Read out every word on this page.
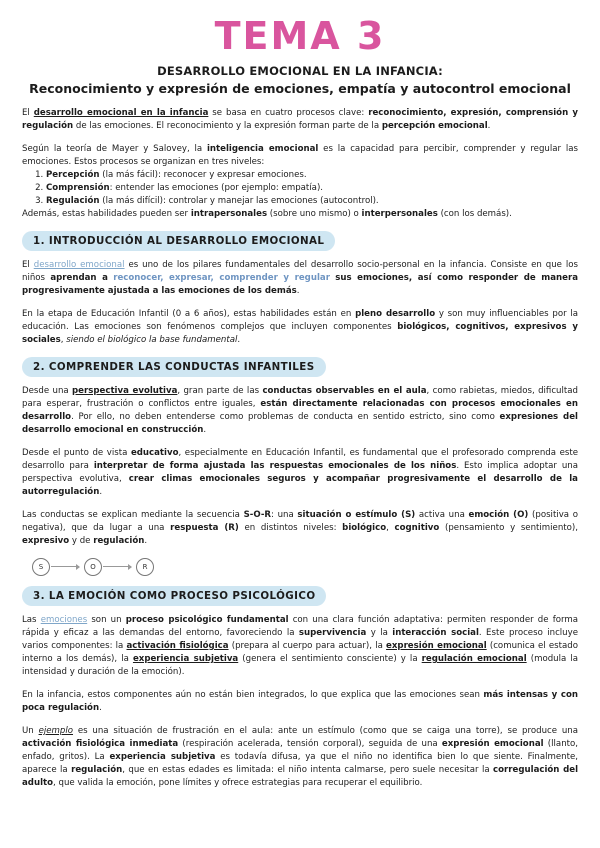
TEMA 3
DESARROLLO EMOCIONAL EN LA INFANCIA:
Reconocimiento y expresión de emociones, empatía y autocontrol emocional

El desarrollo emocional en la infancia se basa en cuatro procesos clave: reconocimiento, expresión, comprensión y regulación de las emociones. El reconocimiento y la expresión forman parte de la percepción emocional.

Según la teoría de Mayer y Salovey, la inteligencia emocional es la capacidad para percibir, comprender y regular las emociones. Estos procesos se organizan en tres niveles:

1. Percepción (la más fácil): reconocer y expresar emociones.
2. Comprensión: entender las emociones (por ejemplo: empatía).
3. Regulación (la más difícil): controlar y manejar las emociones (autocontrol).

Además, estas habilidades pueden ser intrapersonales (sobre uno mismo) o interpersonales (con los demás).

1. INTRODUCCIÓN AL DESARROLLO EMOCIONAL

El desarrollo emocional es uno de los pilares fundamentales del desarrollo socio-personal en la infancia. Consiste en que los niños aprendan a reconocer, expresar, comprender y regular sus emociones, así como responder de manera progresivamente ajustada a las emociones de los demás.

En la etapa de Educación Infantil (0 a 6 años), estas habilidades están en pleno desarrollo y son muy influenciables por la educación. Las emociones son fenómenos complejos que incluyen componentes biológicos, cognitivos, expresivos y sociales, siendo el biológico la base fundamental.

2. COMPRENDER LAS CONDUCTAS INFANTILES

Desde una perspectiva evolutiva, gran parte de las conductas observables en el aula, como rabietas, miedos, dificultad para esperar, frustración o conflictos entre iguales, están directamente relacionadas con procesos emocionales en desarrollo. Por ello, no deben entenderse como problemas de conducta en sentido estricto, sino como expresiones del desarrollo emocional en construcción.

Desde el punto de vista educativo, especialmente en Educación Infantil, es fundamental que el profesorado comprenda este desarrollo para interpretar de forma ajustada las respuestas emocionales de los niños. Esto implica adoptar una perspectiva evolutiva, crear climas emocionales seguros y acompañar progresivamente el desarrollo de la autorregulación.

Las conductas se explican mediante la secuencia S-O-R: una situación o estímulo (S) activa una emoción (O) (positiva o negativa), que da lugar a una respuesta (R) en distintos niveles: biológico, cognitivo (pensamiento y sentimiento), expresivo y de regulación.

S	O	R
3. LA EMOCIÓN COMO PROCESO PSICOLÓGICO

Las emociones son un proceso psicológico fundamental con una clara función adaptativa: permiten responder de forma rápida y eficaz a las demandas del entorno, favoreciendo la supervivencia y la interacción social. Este proceso incluye varios componentes: la activación fisiológica (prepara al cuerpo para actuar), la expresión emocional (comunica el estado interno a los demás), la experiencia subjetiva (genera el sentimiento consciente) y la regulación emocional (modula la intensidad y duración de la emoción).

En la infancia, estos componentes aún no están bien integrados, lo que explica que las emociones sean más intensas y con poca regulación.

Un ejemplo es una situación de frustración en el aula: ante un estímulo (como que se caiga una torre), se produce una activación fisiológica inmediata (respiración acelerada, tensión corporal), seguida de una expresión emocional (llanto, enfado, gritos). La experiencia subjetiva es todavía difusa, ya que el niño no identifica bien lo que siente. Finalmente, aparece la regulación, que en estas edades es limitada: el niño intenta calmarse, pero suele necesitar la corregulación del adulto, que valida la emoción, pone límites y ofrece estrategias para recuperar el equilibrio.
